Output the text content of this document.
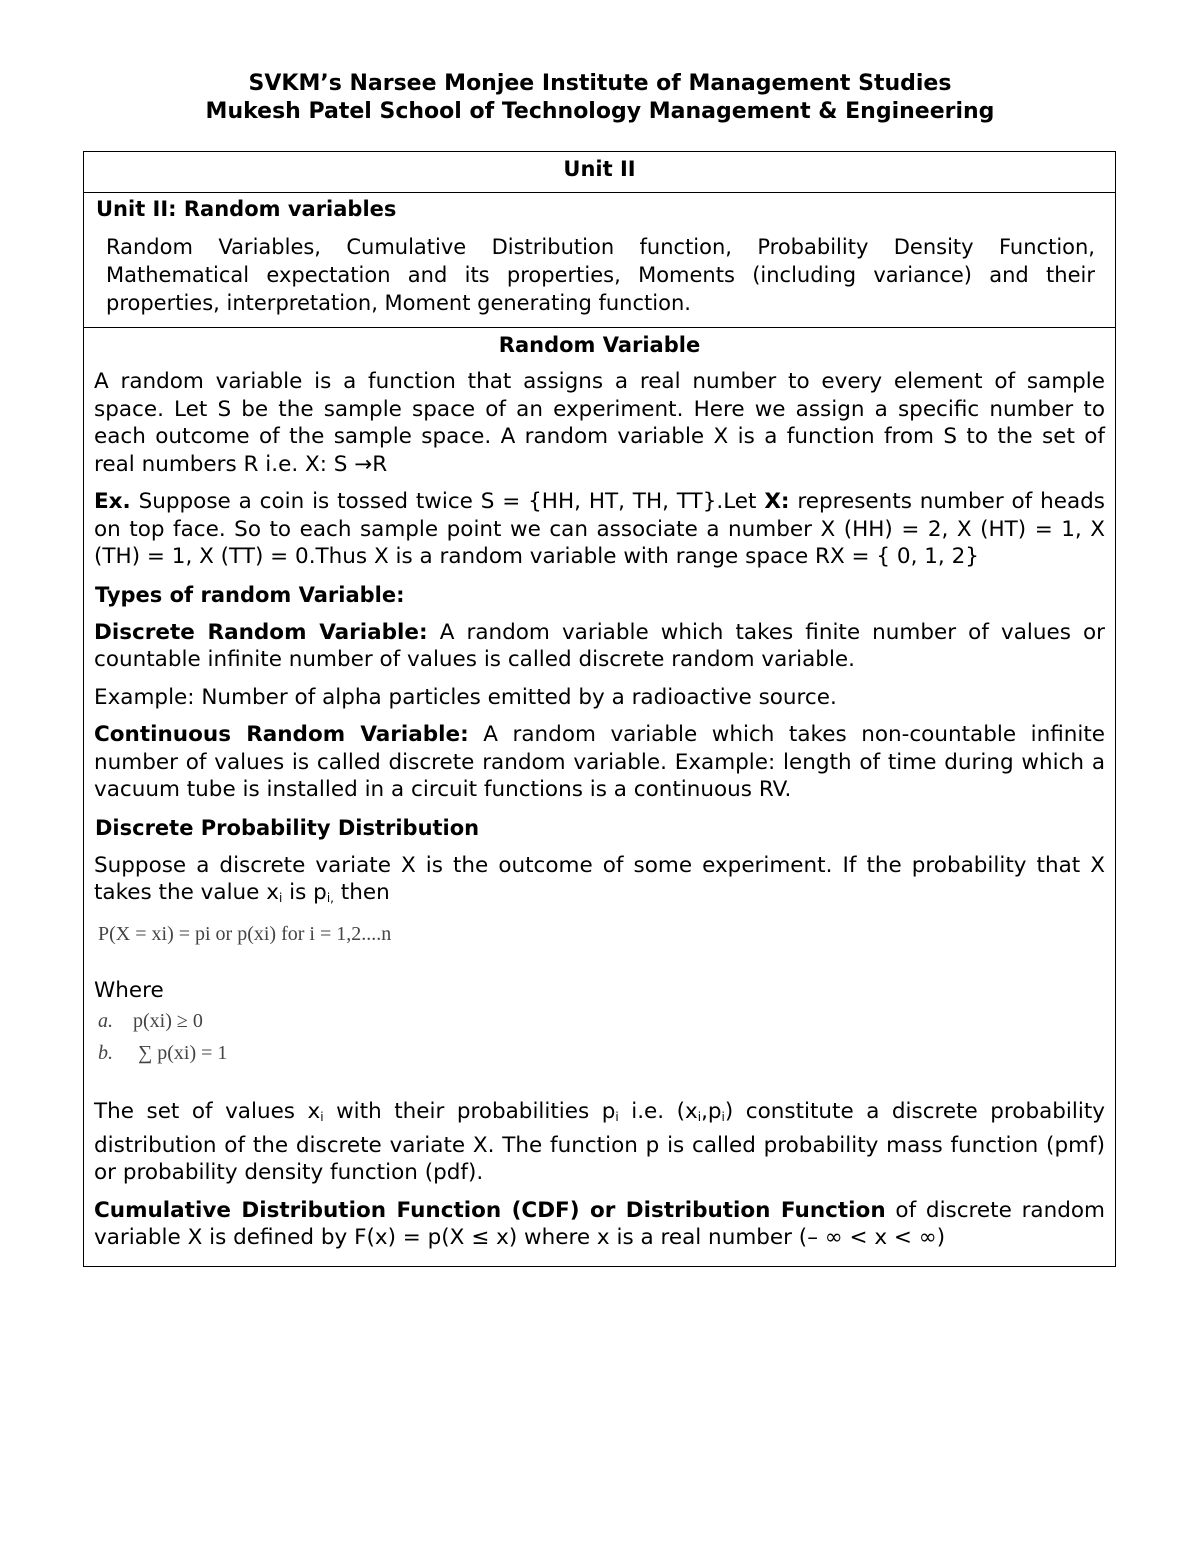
SVKM’s Narsee Monjee Institute of Management Studies
Mukesh Patel School of Technology Management & Engineering
Unit II
Unit II: Random variables
Random Variables, Cumulative Distribution function, Probability Density Function, Mathematical expectation and its properties, Moments (including variance) and their properties, interpretation, Moment generating function.
Random Variable

A random variable is a function that assigns a real number to every element of sample space. Let S be the sample space of an experiment. Here we assign a specific number to each outcome of the sample space. A random variable X is a function from S to the set of real numbers R i.e. X: S →R

Ex. Suppose a coin is tossed twice S = {HH, HT, TH, TT}.Let X: represents number of heads on top face. So to each sample point we can associate a number X (HH) = 2, X (HT) = 1, X (TH) = 1, X (TT) = 0.Thus X is a random variable with range space RX = { 0, 1, 2}

Types of random Variable:

Discrete Random Variable: A random variable which takes finite number of values or countable infinite number of values is called discrete random variable.

Example: Number of alpha particles emitted by a radioactive source.

Continuous Random Variable: A random variable which takes non-countable infinite number of values is called discrete random variable. Example: length of time during which a vacuum tube is installed in a circuit functions is a continuous RV.

Discrete Probability Distribution

Suppose a discrete variate X is the outcome of some experiment. If the probability that X takes the value $x_i$ is $p_{i,}$ then

P(X = xi) = pi or p(xi) for i = 1,2....n

Where

a. p(xi) ≥ 0
b. ∑ p(xi) = 1

The set of values $x_i$ with their probabilities $p_i$ i.e. $(x_i,p_i)$ constitute a discrete probability distribution of the discrete variate X. The function p is called probability mass function (pmf) or probability density function (pdf).

Cumulative Distribution Function (CDF) or Distribution Function of discrete random variable X is defined by F(x) = p(X ≤ x) where x is a real number (– ∞ < x < ∞)
